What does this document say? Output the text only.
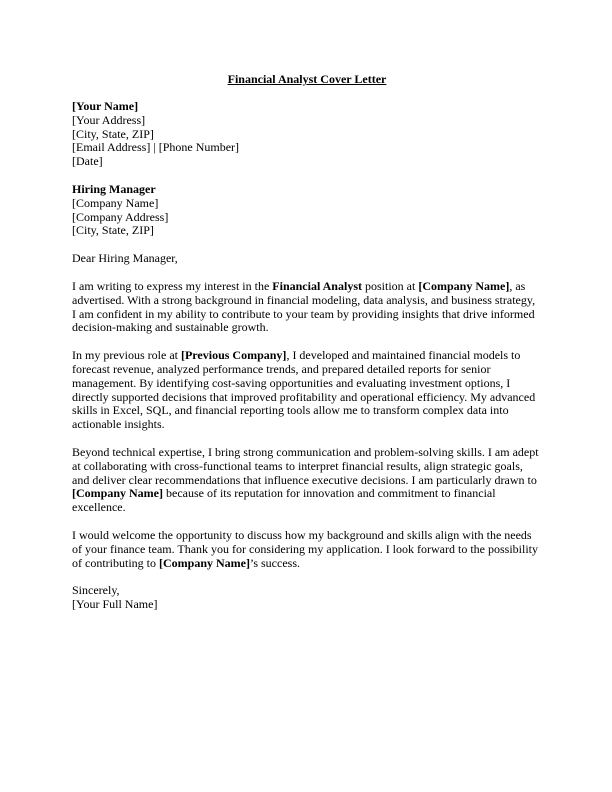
Financial Analyst Cover Letter
[Your Name]
[Your Address]
[City, State, ZIP]
[Email Address] | [Phone Number]
[Date]
Hiring Manager
[Company Name]
[Company Address]
[City, State, ZIP]
Dear Hiring Manager,

I am writing to express my interest in the Financial Analyst position at [Company Name], as
advertised. With a strong background in financial modeling, data analysis, and business strategy,
I am confident in my ability to contribute to your team by providing insights that drive informed
decision-making and sustainable growth.

In my previous role at [Previous Company], I developed and maintained financial models to
forecast revenue, analyzed performance trends, and prepared detailed reports for senior
management. By identifying cost-saving opportunities and evaluating investment options, I
directly supported decisions that improved profitability and operational efficiency. My advanced
skills in Excel, SQL, and financial reporting tools allow me to transform complex data into
actionable insights.

Beyond technical expertise, I bring strong communication and problem-solving skills. I am adept
at collaborating with cross-functional teams to interpret financial results, align strategic goals,
and deliver clear recommendations that influence executive decisions. I am particularly drawn to
[Company Name] because of its reputation for innovation and commitment to financial
excellence.

I would welcome the opportunity to discuss how my background and skills align with the needs
of your finance team. Thank you for considering my application. I look forward to the possibility
of contributing to [Company Name]’s success.

Sincerely,
[Your Full Name]
